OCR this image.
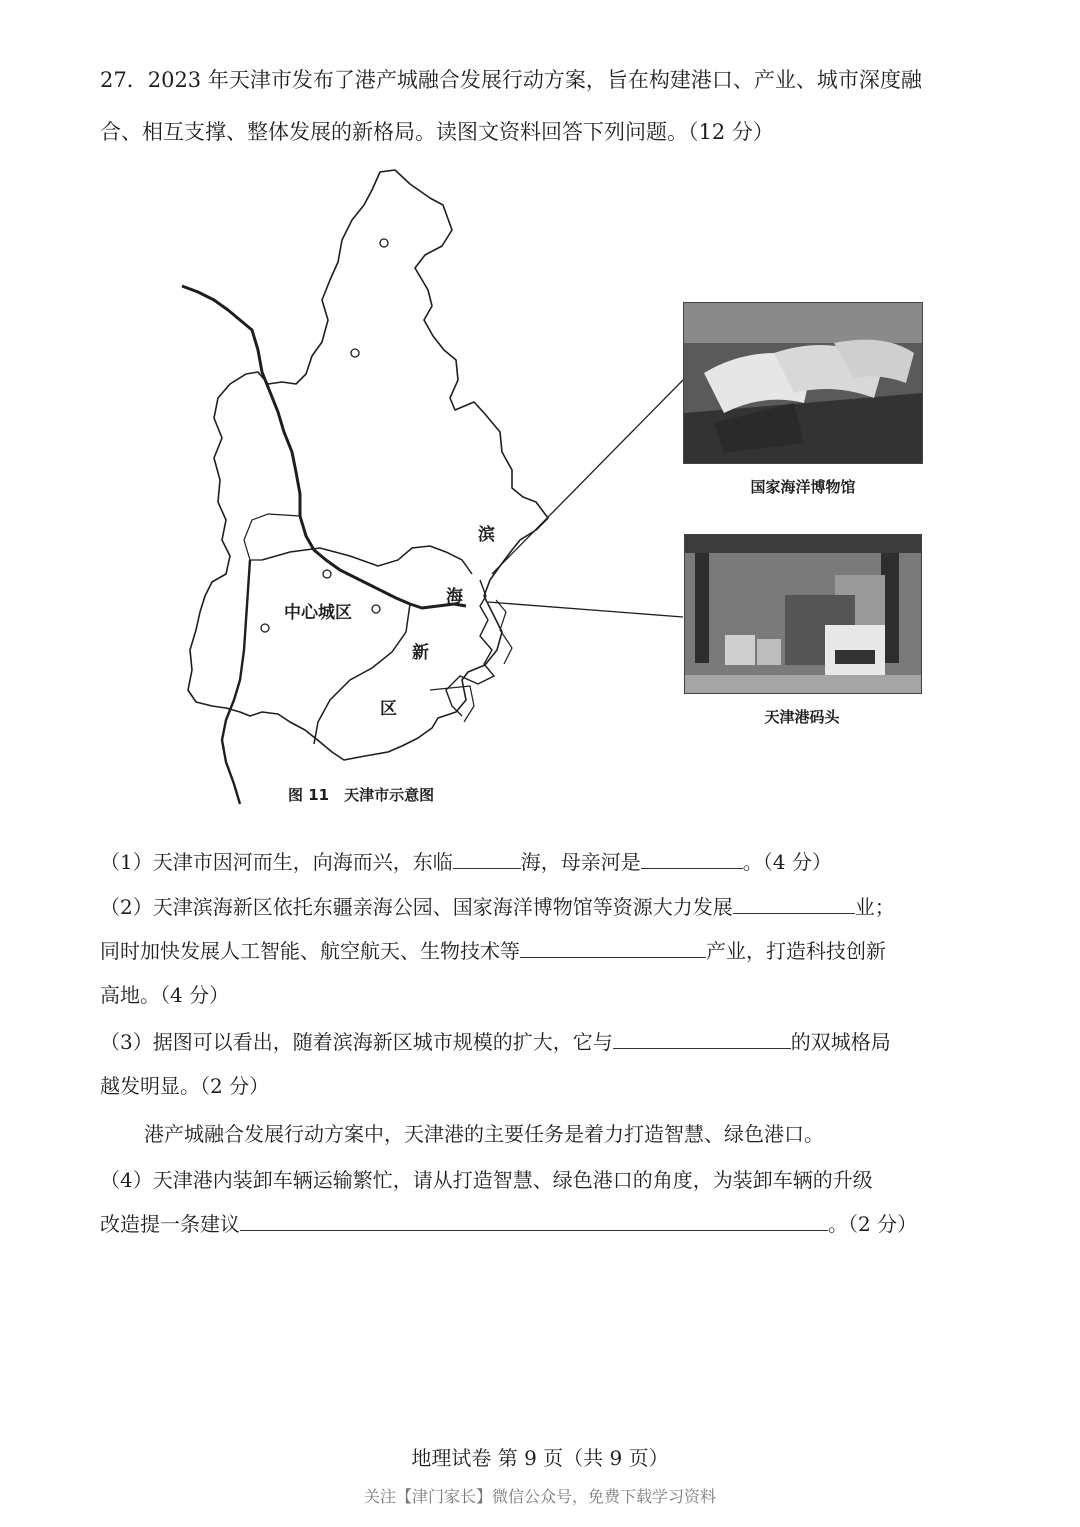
27．2023 年天津市发布了港产城融合发展行动方案，旨在构建港口、产业、城市深度融
合、相互支撑、整体发展的新格局。读图文资料回答下列问题。（12 分）
中心城区
滨
海
新
区
图 11　天津市示意图
国家海洋博物馆
天津港码头
（1）天津市因河而生，向海而兴，东临	海，母亲河是	。（4 分）
（2）天津滨海新区依托东疆亲海公园、国家海洋博物馆等资源大力发展	业；
同时加快发展人工智能、航空航天、生物技术等	产业，打造科技创新
高地。（4 分）
（3）据图可以看出，随着滨海新区城市规模的扩大，它与	的双城格局
越发明显。（2 分）
港产城融合发展行动方案中，天津港的主要任务是着力打造智慧、绿色港口。
（4）天津港内装卸车辆运输繁忙，请从打造智慧、绿色港口的角度，为装卸车辆的升级
改造提一条建议	。（2 分）
地理试卷 第 9 页（共 9 页）
关注【津门家长】微信公众号，免费下载学习资料
